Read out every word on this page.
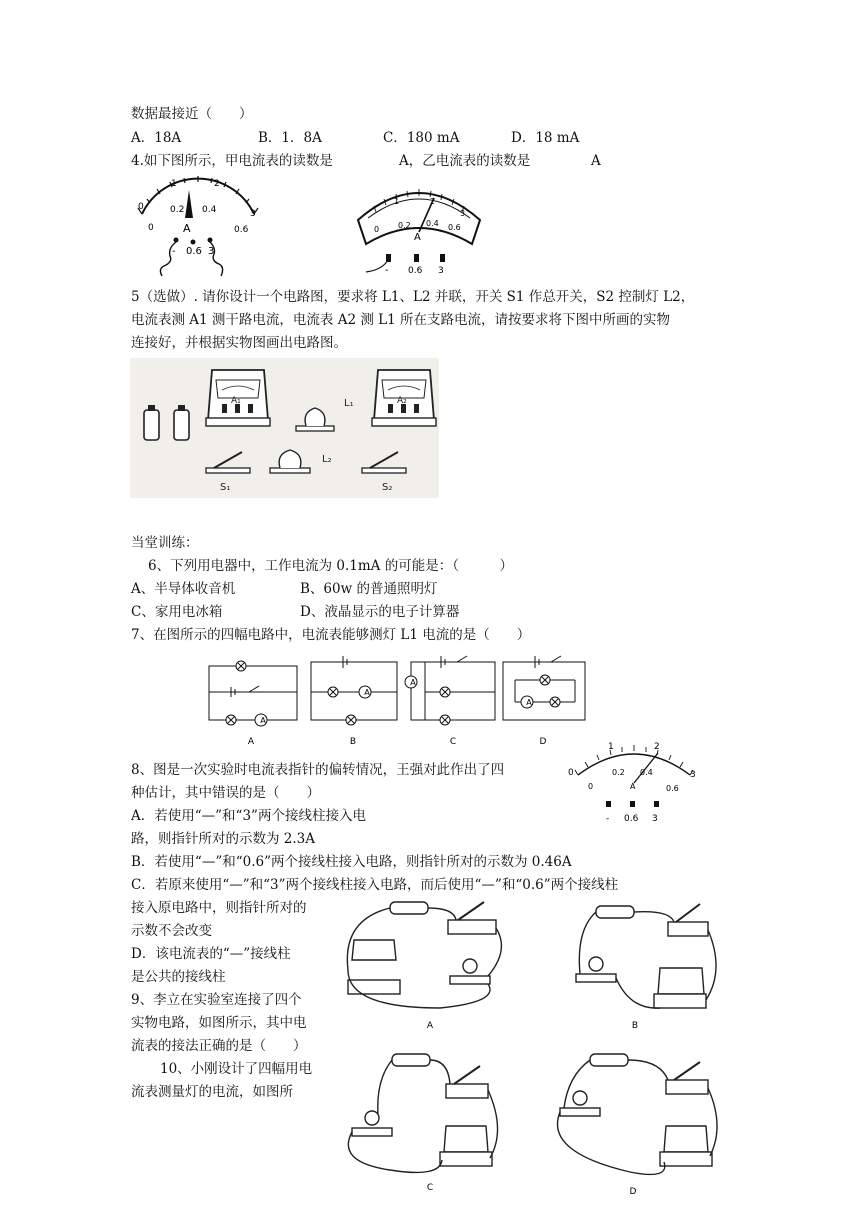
数据最接近（　　）
A．18A	B．1．8A	C．180 mA	D．18 mA
4.如下图所示，甲电流表的读数是	A，乙电流表的读数是	A
0
1	2
3
0
0.2 0.4
0.6
A
- 0.6 3
0
1	2
3
0.2 0.4 0.6
A
- 0.6 3
5（选做）. 请你设计一个电路图，要求将 L1、L2 并联，开关 S1 作总开关，S2 控制灯 L2，
电流表测 A1 测干路电流，电流表 A2 测 L1 所在支路电流，请按要求将下图中所画的实物
连接好，并根据实物图画出电路图。
A₁	L₁	A₂
S₁
L₂
S₂
当堂训练：
6、下列用电器中，工作电流为 0.1mA 的可能是：（　　　）
A、半导体收音机	B、60w 的普通照明灯
C、家用电冰箱	D、液晶显示的电子计算器
7、在图所示的四幅电路中，电流表能够测灯 L1 电流的是（　　）
A
A
A
A
A	B	C	D
8、图是一次实验时电流表指针的偏转情况，王强对此作出了四
种估计，其中错误的是（　　）
A．若使用“—”和“3”两个接线柱接入电
路，则指针所对的示数为 2.3A
B．若使用“—”和“0.6”两个接线柱接入电路，则指针所对的示数为 0.46A
C．若原来使用“—”和“3”两个接线柱接入电路，而后使用“—”和“0.6”两个接线柱
接入原电路中，则指针所对的
示数不会改变
D．该电流表的“—”接线柱
是公共的接线柱
0
1	2
3
0
0.2 0.4
0.6
A
- 0.6 3
9、李立在实验室连接了四个
实物电路，如图所示，其中电
流表的接法正确的是（　　）
10、小刚设计了四幅用电
流表测量灯的电流，如图所
A	B
C	D
